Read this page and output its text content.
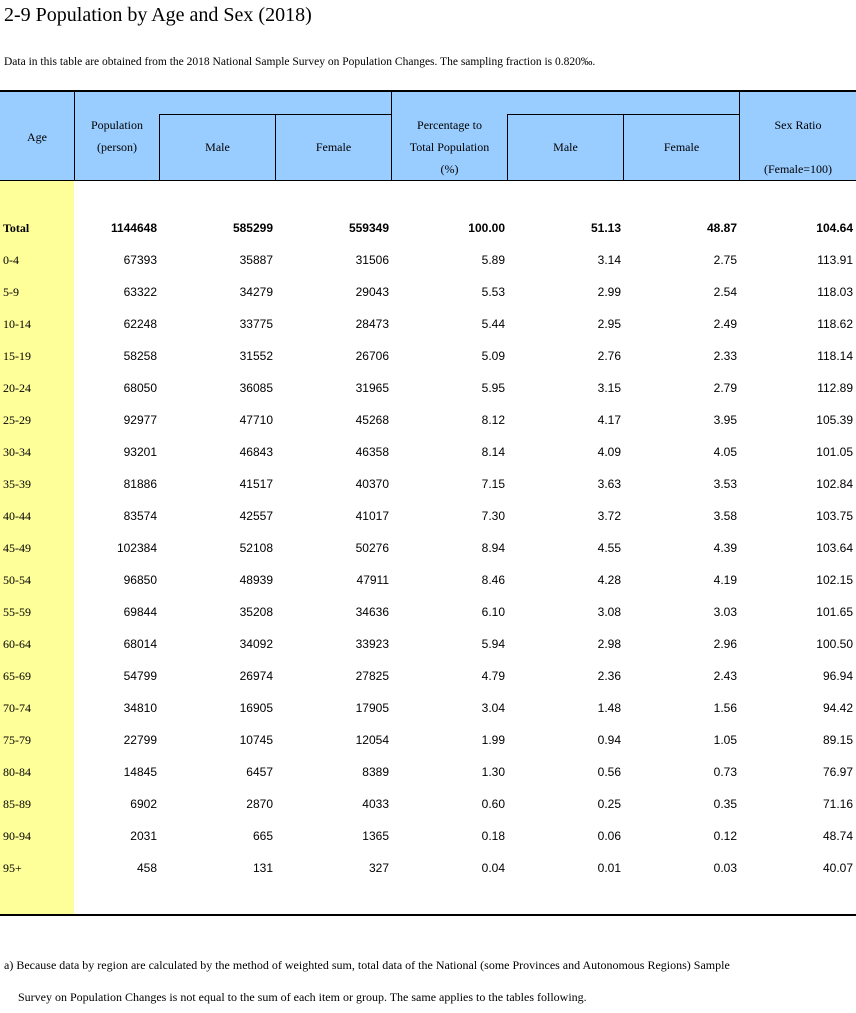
2-9 Population by Age and Sex (2018)
Data in this table are obtained from the 2018 National Sample Survey on Population Changes. The sampling fraction is 0.820‰.
Age
Population
(person)	Male	Female
Percentage to
Total Population
(%)
Male	Female
Sex Ratio
(Female=100)
Total	1144648	585299	559349	100.00	51.13	48.87	104.64
0-4	67393	35887	31506	5.89	3.14	2.75	113.91
5-9	63322	34279	29043	5.53	2.99	2.54	118.03
10-14	62248	33775	28473	5.44	2.95	2.49	118.62
15-19	58258	31552	26706	5.09	2.76	2.33	118.14
20-24	68050	36085	31965	5.95	3.15	2.79	112.89
25-29	92977	47710	45268	8.12	4.17	3.95	105.39
30-34	93201	46843	46358	8.14	4.09	4.05	101.05
35-39	81886	41517	40370	7.15	3.63	3.53	102.84
40-44	83574	42557	41017	7.30	3.72	3.58	103.75
45-49	102384	52108	50276	8.94	4.55	4.39	103.64
50-54	96850	48939	47911	8.46	4.28	4.19	102.15
55-59	69844	35208	34636	6.10	3.08	3.03	101.65
60-64	68014	34092	33923	5.94	2.98	2.96	100.50
65-69	54799	26974	27825	4.79	2.36	2.43	96.94
70-74	34810	16905	17905	3.04	1.48	1.56	94.42
75-79	22799	10745	12054	1.99	0.94	1.05	89.15
80-84	14845	6457	8389	1.30	0.56	0.73	76.97
85-89	6902	2870	4033	0.60	0.25	0.35	71.16
90-94	2031	665	1365	0.18	0.06	0.12	48.74
95+	458	131	327	0.04	0.01	0.03	40.07
a) Because data by region are calculated by the method of weighted sum, total data of the National (some Provinces and Autonomous Regions) Sample
Survey on Population Changes is not equal to the sum of each item or group. The same applies to the tables following.
